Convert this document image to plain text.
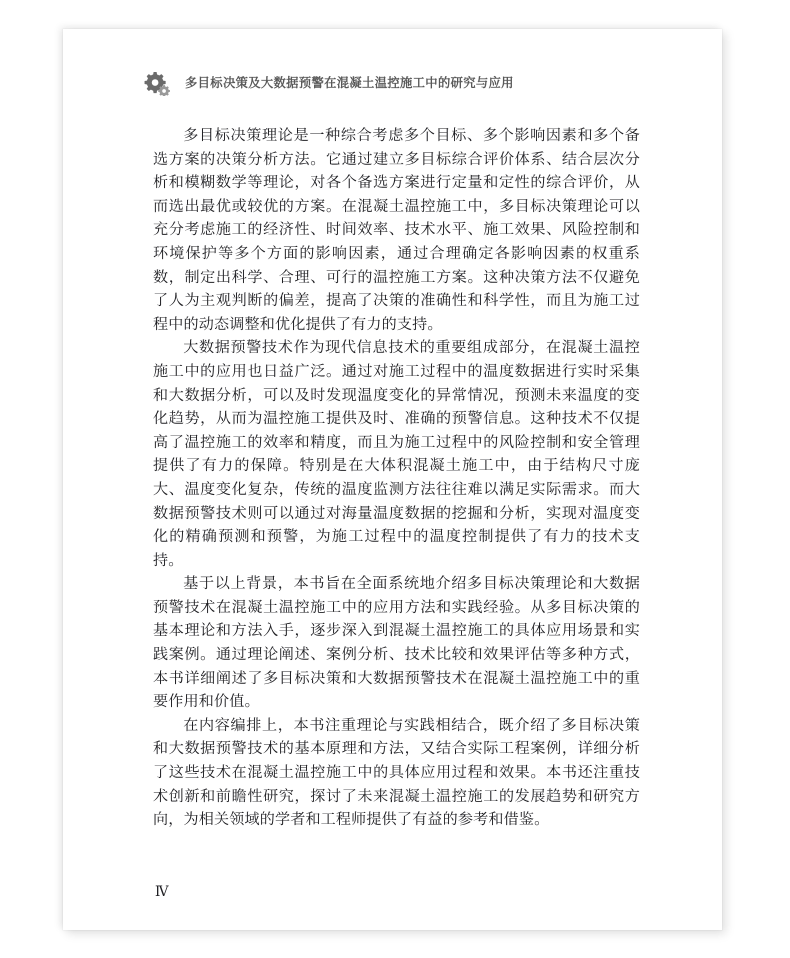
多目标决策及大数据预警在混凝土温控施工中的研究与应用

多目标决策理论是一种综合考虑多个目标、多个影响因素和多个备选方案的决策分析方法。它通过建立多目标综合评价体系、结合层次分析和模糊数学等理论，对各个备选方案进行定量和定性的综合评价，从而选出最优或较优的方案。在混凝土温控施工中，多目标决策理论可以充分考虑施工的经济性、时间效率、技术水平、施工效果、风险控制和环境保护等多个方面的影响因素，通过合理确定各影响因素的权重系数，制定出科学、合理、可行的温控施工方案。这种决策方法不仅避免了人为主观判断的偏差，提高了决策的准确性和科学性，而且为施工过程中的动态调整和优化提供了有力的支持。

大数据预警技术作为现代信息技术的重要组成部分，在混凝土温控施工中的应用也日益广泛。通过对施工过程中的温度数据进行实时采集和大数据分析，可以及时发现温度变化的异常情况，预测未来温度的变化趋势，从而为温控施工提供及时、准确的预警信息。这种技术不仅提高了温控施工的效率和精度，而且为施工过程中的风险控制和安全管理提供了有力的保障。特别是在大体积混凝土施工中，由于结构尺寸庞大、温度变化复杂，传统的温度监测方法往往难以满足实际需求。而大数据预警技术则可以通过对海量温度数据的挖掘和分析，实现对温度变化的精确预测和预警，为施工过程中的温度控制提供了有力的技术支持。

基于以上背景，本书旨在全面系统地介绍多目标决策理论和大数据预警技术在混凝土温控施工中的应用方法和实践经验。从多目标决策的基本理论和方法入手，逐步深入到混凝土温控施工的具体应用场景和实践案例。通过理论阐述、案例分析、技术比较和效果评估等多种方式，本书详细阐述了多目标决策和大数据预警技术在混凝土温控施工中的重要作用和价值。

在内容编排上，本书注重理论与实践相结合，既介绍了多目标决策和大数据预警技术的基本原理和方法，又结合实际工程案例，详细分析了这些技术在混凝土温控施工中的具体应用过程和效果。本书还注重技术创新和前瞻性研究，探讨了未来混凝土温控施工的发展趋势和研究方向，为相关领域的学者和工程师提供了有益的参考和借鉴。

Ⅳ
